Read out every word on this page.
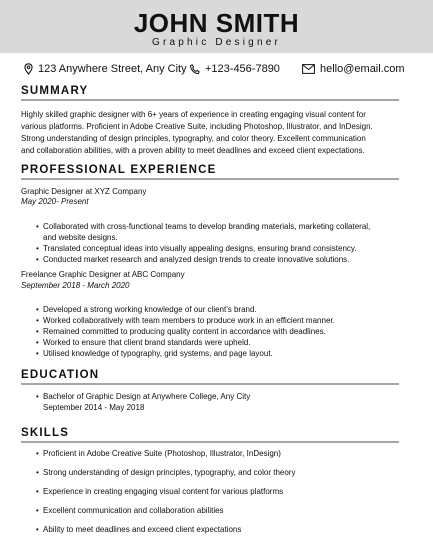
JOHN SMITH
Graphic Designer
123 Anywhere Street, Any City +123-456-7890	hello@email.com
SUMMARY
Highly skilled graphic designer with 6+ years of experience in creating engaging visual content for
various platforms. Proficient in Adobe Creative Suite, including Photoshop, Illustrator, and InDesign.
Strong understanding of design principles, typography, and color theory. Excellent communication
and collaboration abilities, with a proven ability to meet deadlines and exceed client expectations.
PROFESSIONAL EXPERIENCE
Graphic Designer at XYZ Company
May 2020- Present
• Collaborated with cross-functional teams to develop branding materials, marketing collateral,
and website designs.
• Translated conceptual ideas into visually appealing designs, ensuring brand consistency.
• Conducted market research and analyzed design trends to create innovative solutions.
Freelance Graphic Designer at ABC Company
September 2018 - March 2020
• Developed a strong working knowledge of our client's brand.
• Worked collaboratively with team members to produce work in an efficient manner.
• Remained committed to producing quality content in accordance with deadlines.
• Worked to ensure that client brand standards were upheld.
• Utilised knowledge of typography, grid systems, and page layout.
EDUCATION
• Bachelor of Graphic Design at Anywhere College, Any City
September 2014 - May 2018
SKILLS
• Proficient in Adobe Creative Suite (Photoshop, Illustrator, InDesign)
• Strong understanding of design principles, typography, and color theory
• Experience in creating engaging visual content for various platforms
• Excellent communication and collaboration abilities
• Ability to meet deadlines and exceed client expectations
